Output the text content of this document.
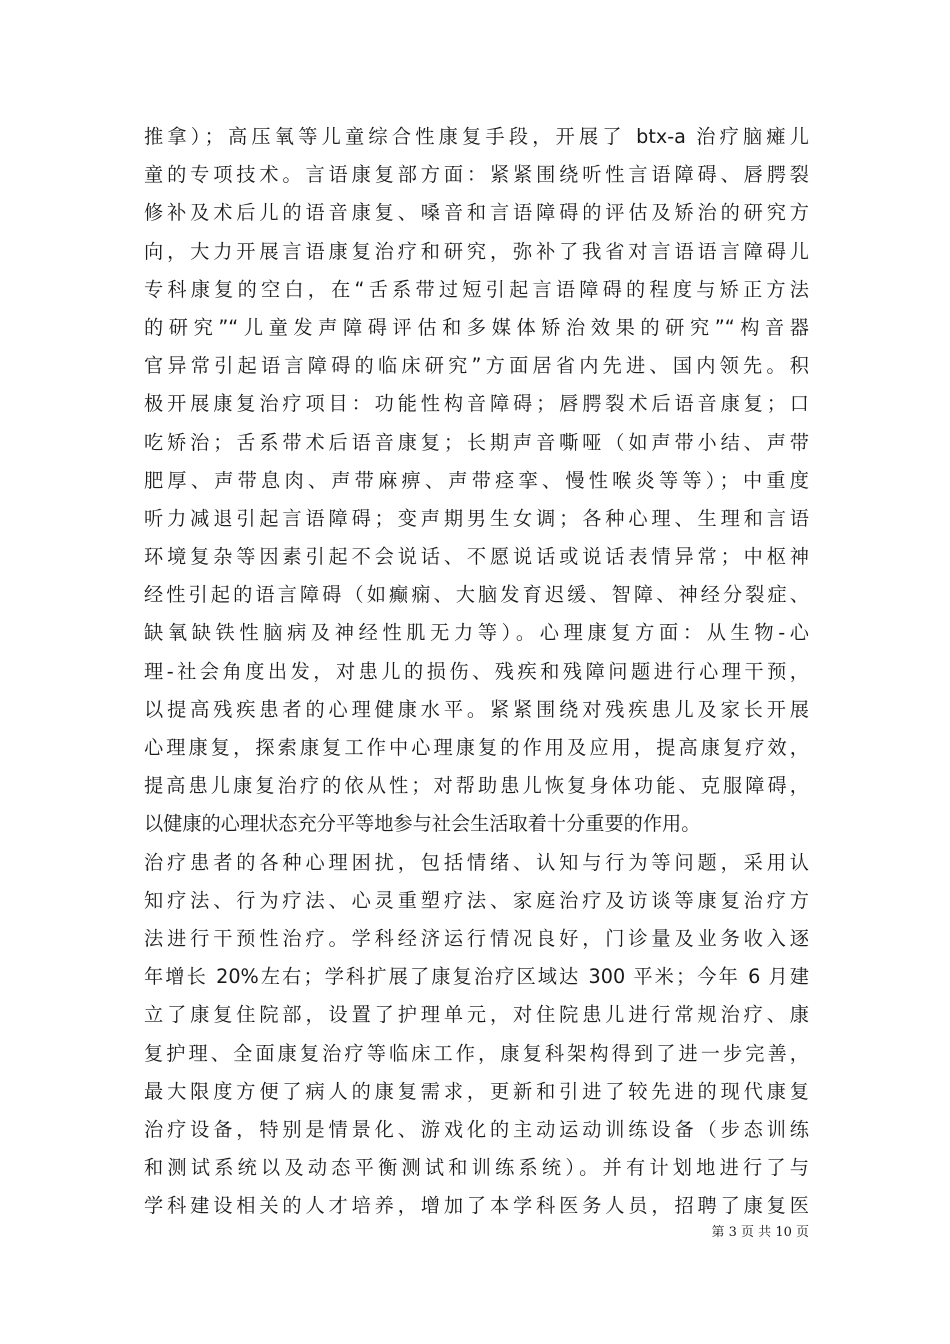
推拿）；高压氧等儿童综合性康复手段，开展了 btx-a 治疗脑瘫儿
童的专项技术。言语康复部方面：紧紧围绕听性言语障碍、唇腭裂
修补及术后儿的语音康复、嗓音和言语障碍的评估及矫治的研究方
向，大力开展言语康复治疗和研究，弥补了我省对言语语言障碍儿
专科康复的空白，在“舌系带过短引起言语障碍的程度与矫正方法
的研究”“儿童发声障碍评估和多媒体矫治效果的研究”“构音器
官异常引起语言障碍的临床研究”方面居省内先进、国内领先。积
极开展康复治疗项目：功能性构音障碍；唇腭裂术后语音康复；口
吃矫治；舌系带术后语音康复；长期声音嘶哑（如声带小结、声带
肥厚、声带息肉、声带麻痹、声带痉挛、慢性喉炎等等）；中重度
听力减退引起言语障碍；变声期男生女调；各种心理、生理和言语
环境复杂等因素引起不会说话、不愿说话或说话表情异常；中枢神
经性引起的语言障碍（如癫痫、大脑发育迟缓、智障、神经分裂症、
缺氧缺铁性脑病及神经性肌无力等）。心理康复方面：从生物-心
理-社会角度出发，对患儿的损伤、残疾和残障问题进行心理干预，
以提高残疾患者的心理健康水平。紧紧围绕对残疾患儿及家长开展
心理康复，探索康复工作中心理康复的作用及应用，提高康复疗效，
提高患儿康复治疗的依从性；对帮助患儿恢复身体功能、克服障碍，
以健康的心理状态充分平等地参与社会生活取着十分重要的作用。
治疗患者的各种心理困扰，包括情绪、认知与行为等问题，采用认
知疗法、行为疗法、心灵重塑疗法、家庭治疗及访谈等康复治疗方
法进行干预性治疗。学科经济运行情况良好，门诊量及业务收入逐
年增长 20%左右；学科扩展了康复治疗区域达 300 平米；今年 6 月建
立了康复住院部，设置了护理单元，对住院患儿进行常规治疗、康
复护理、全面康复治疗等临床工作，康复科架构得到了进一步完善，
最大限度方便了病人的康复需求，更新和引进了较先进的现代康复
治疗设备，特别是情景化、游戏化的主动运动训练设备（步态训练
和测试系统以及动态平衡测试和训练系统）。并有计划地进行了与
学科建设相关的人才培养，增加了本学科医务人员，招聘了康复医
第 3 页 共 10 页
